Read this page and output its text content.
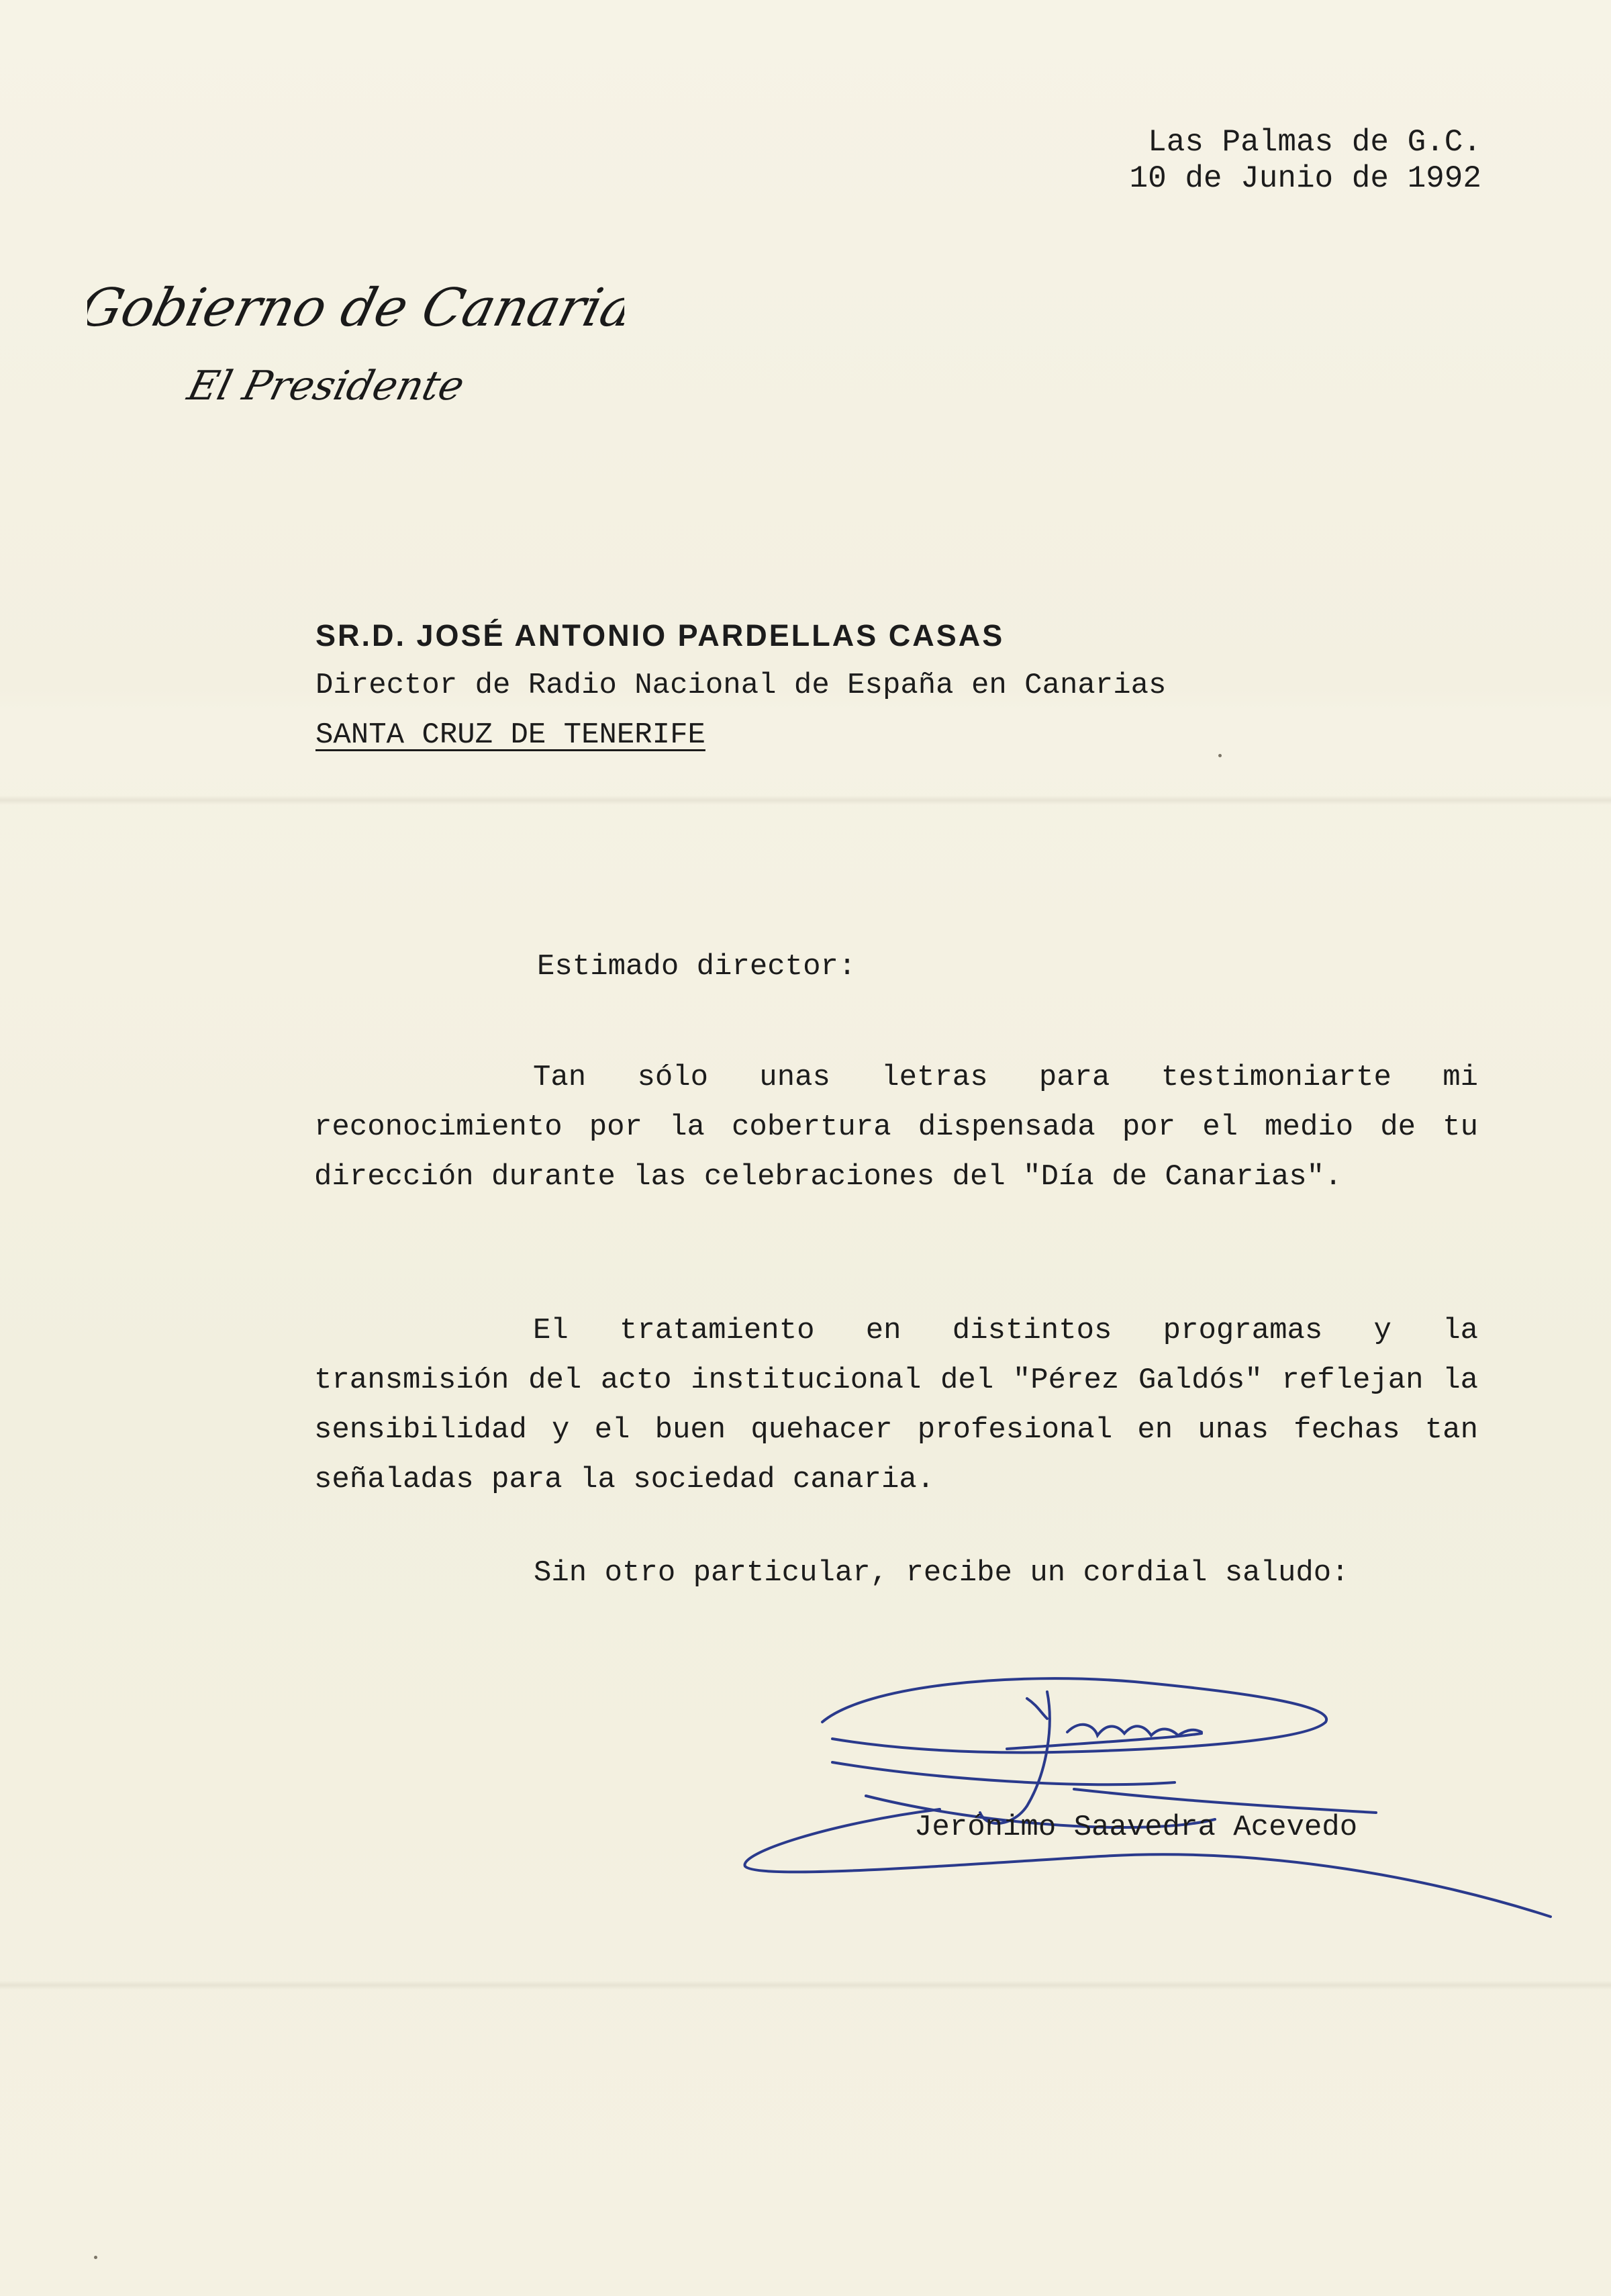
Las Palmas de G.C.
10 de Junio de 1992
Gobierno de Canarias
El Presidente
SR.D. JOSÉ ANTONIO PARDELLAS CASAS
Director de Radio Nacional de España en Canarias
SANTA CRUZ DE TENERIFE
Estimado director:
Tan sólo unas letras para testimoniarte mi reconocimiento por la cobertura dispensada por el medio de tu dirección durante las celebraciones del "Día de Canarias".
El tratamiento en distintos programas y la transmisión del acto institucional del "Pérez Galdós" reflejan la sensibilidad y el buen quehacer profesional en unas fechas tan señaladas para la sociedad canaria.
Sin otro particular, recibe un cordial saludo:
Jerónimo Saavedra Acevedo
